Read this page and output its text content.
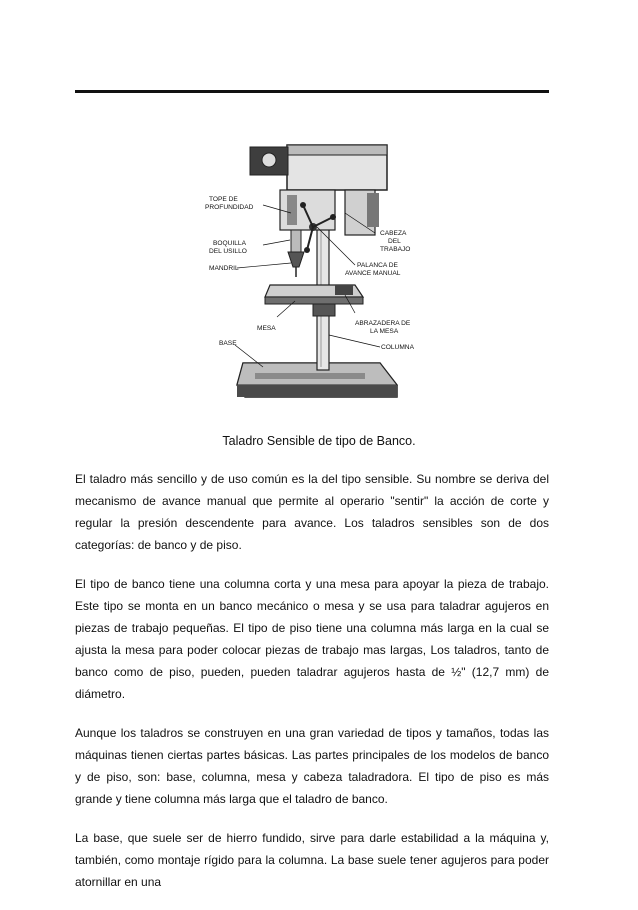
TOPE DE PROFUNDIDAD
BOQUILLA DEL USILLO
MANDRIL
MESA
BASE
CABEZA DEL TRABAJO
PALANCA DE AVANCE MANUAL
ABRAZADERA DE LA MESA
COLUMNA
Taladro Sensible de tipo de Banco.

El taladro más sencillo y de uso común es la del tipo sensible. Su nombre se deriva del mecanismo de avance manual que permite al operario "sentir" la acción de corte y regular la presión descendente para avance. Los taladros sensibles son de dos categorías: de banco y de piso.

El tipo de banco tiene una columna corta y una mesa para apoyar la pieza de trabajo. Este tipo se monta en un banco mecánico o mesa y se usa para taladrar agujeros en piezas de trabajo pequeñas. El tipo de piso tiene una columna más larga en la cual se ajusta la mesa para poder colocar piezas de trabajo mas largas, Los taladros, tanto de banco como de piso, pueden, pueden taladrar agujeros hasta de ½" (12,7 mm) de diámetro.

Aunque los taladros se construyen en una gran variedad de tipos y tamaños, todas las máquinas tienen ciertas partes básicas. Las partes principales de los modelos de banco y de piso, son: base, columna, mesa y cabeza taladradora. El tipo de piso es más grande y tiene columna más larga que el taladro de banco.

La base, que suele ser de hierro fundido, sirve para darle estabilidad a la máquina y, también, como montaje rígido para la columna. La base suele tener agujeros para poder atornillar en una
